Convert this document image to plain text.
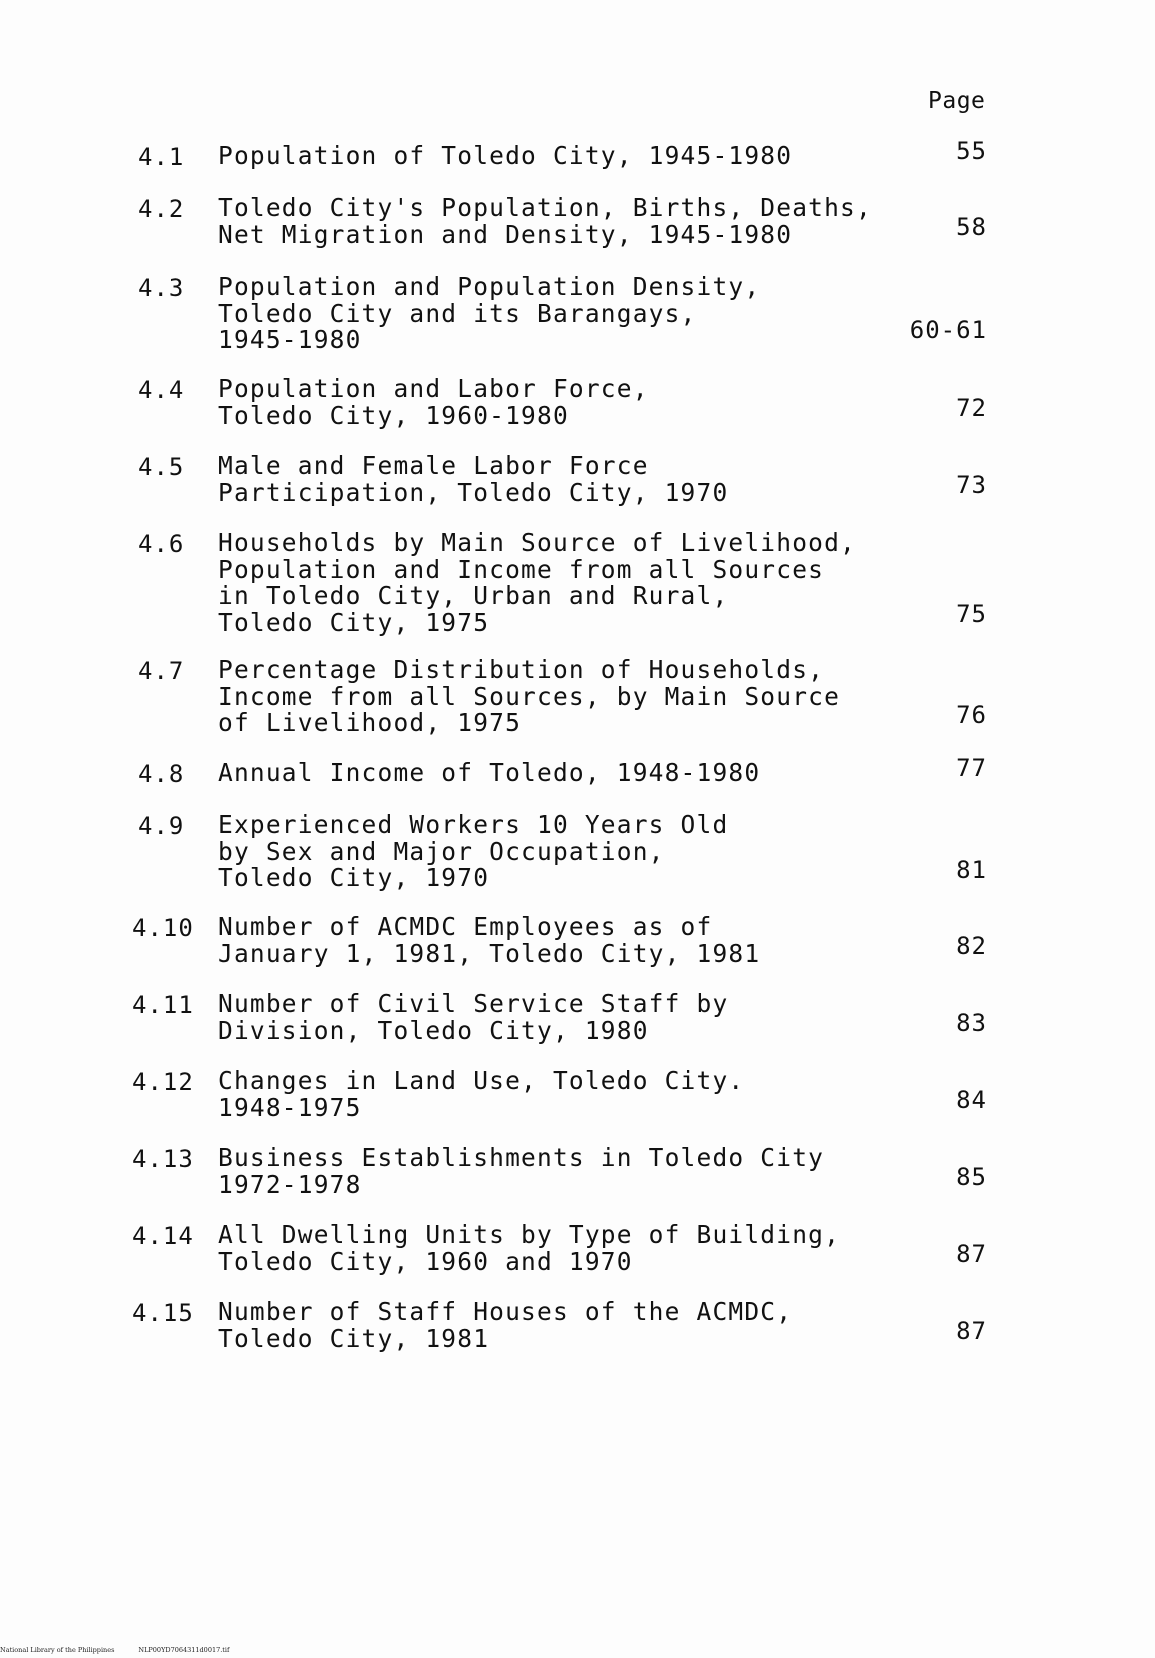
Page
4.1 Population of Toledo City, 1945-1980	55
4.2 Toledo City's Population, Births, Deaths,
Net Migration and Density, 1945-1980	58
4.3 Population and Population Density,
Toledo City and its Barangays,
1945-1980	60-61
4.4 Population and Labor Force,
Toledo City, 1960-1980	72
4.5 Male and Female Labor Force
Participation, Toledo City, 1970	73
4.6 Households by Main Source of Livelihood,
Population and Income from all Sources
in Toledo City, Urban and Rural,
Toledo City, 1975	75
4.7 Percentage Distribution of Households,
Income from all Sources, by Main Source
of Livelihood, 1975	76
4.8 Annual Income of Toledo, 1948-1980	77
4.9 Experienced Workers 10 Years Old
by Sex and Major Occupation,
Toledo City, 1970	81
4.10 Number of ACMDC Employees as of
January 1, 1981, Toledo City, 1981	82
4.11 Number of Civil Service Staff by
Division, Toledo City, 1980	83
4.12 Changes in Land Use, Toledo City.
1948-1975	84
4.13 Business Establishments in Toledo City
1972-1978	85
4.14 All Dwelling Units by Type of Building,
Toledo City, 1960 and 1970	87
4.15 Number of Staff Houses of the ACMDC,
Toledo City, 1981	87
National Library of the Philippines	NLP00YD7064311d0017.tif
